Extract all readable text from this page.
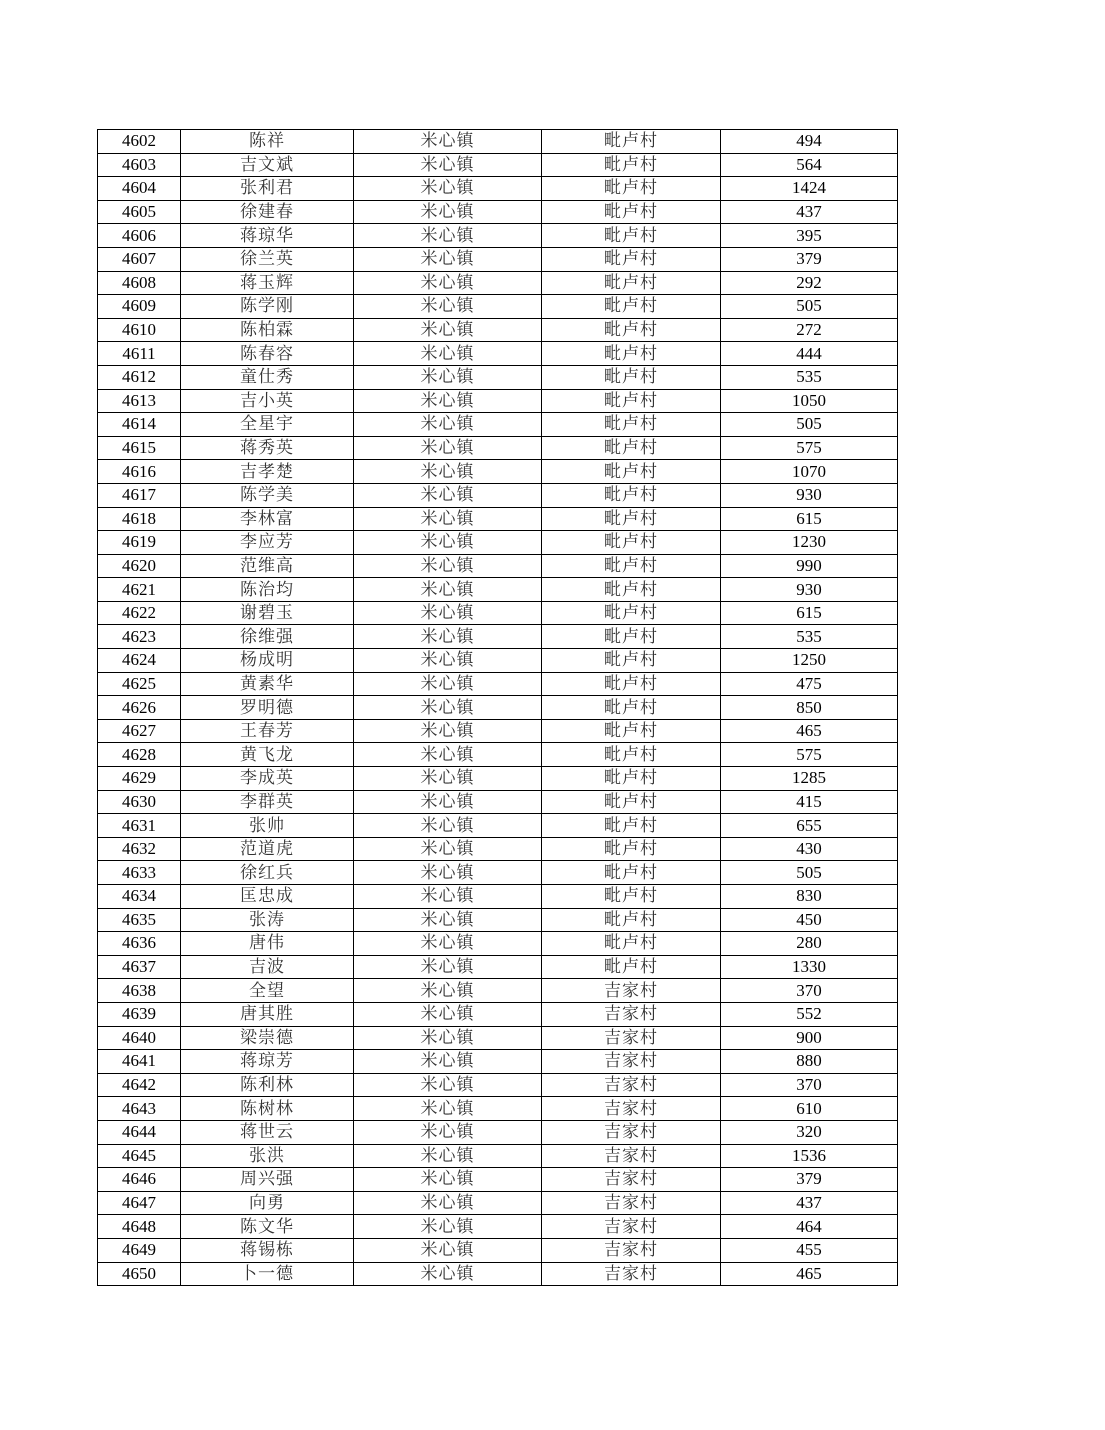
4602	陈祥	米心镇	毗卢村	494
4603	吉文斌	米心镇	毗卢村	564
4604	张利君	米心镇	毗卢村	1424
4605	徐建春	米心镇	毗卢村	437
4606	蒋琼华	米心镇	毗卢村	395
4607	徐兰英	米心镇	毗卢村	379
4608	蒋玉辉	米心镇	毗卢村	292
4609	陈学刚	米心镇	毗卢村	505
4610	陈柏霖	米心镇	毗卢村	272
4611	陈春容	米心镇	毗卢村	444
4612	童仕秀	米心镇	毗卢村	535
4613	吉小英	米心镇	毗卢村	1050
4614	全星宇	米心镇	毗卢村	505
4615	蒋秀英	米心镇	毗卢村	575
4616	吉孝楚	米心镇	毗卢村	1070
4617	陈学美	米心镇	毗卢村	930
4618	李林富	米心镇	毗卢村	615
4619	李应芳	米心镇	毗卢村	1230
4620	范维高	米心镇	毗卢村	990
4621	陈治均	米心镇	毗卢村	930
4622	谢碧玉	米心镇	毗卢村	615
4623	徐维强	米心镇	毗卢村	535
4624	杨成明	米心镇	毗卢村	1250
4625	黄素华	米心镇	毗卢村	475
4626	罗明德	米心镇	毗卢村	850
4627	王春芳	米心镇	毗卢村	465
4628	黄飞龙	米心镇	毗卢村	575
4629	李成英	米心镇	毗卢村	1285
4630	李群英	米心镇	毗卢村	415
4631	张帅	米心镇	毗卢村	655
4632	范道虎	米心镇	毗卢村	430
4633	徐红兵	米心镇	毗卢村	505
4634	匡忠成	米心镇	毗卢村	830
4635	张涛	米心镇	毗卢村	450
4636	唐伟	米心镇	毗卢村	280
4637	吉波	米心镇	毗卢村	1330
4638	全望	米心镇	吉家村	370
4639	唐其胜	米心镇	吉家村	552
4640	梁崇德	米心镇	吉家村	900
4641	蒋琼芳	米心镇	吉家村	880
4642	陈利林	米心镇	吉家村	370
4643	陈树林	米心镇	吉家村	610
4644	蒋世云	米心镇	吉家村	320
4645	张洪	米心镇	吉家村	1536
4646	周兴强	米心镇	吉家村	379
4647	向勇	米心镇	吉家村	437
4648	陈文华	米心镇	吉家村	464
4649	蒋锡栋	米心镇	吉家村	455
4650	卜一德	米心镇	吉家村	465
